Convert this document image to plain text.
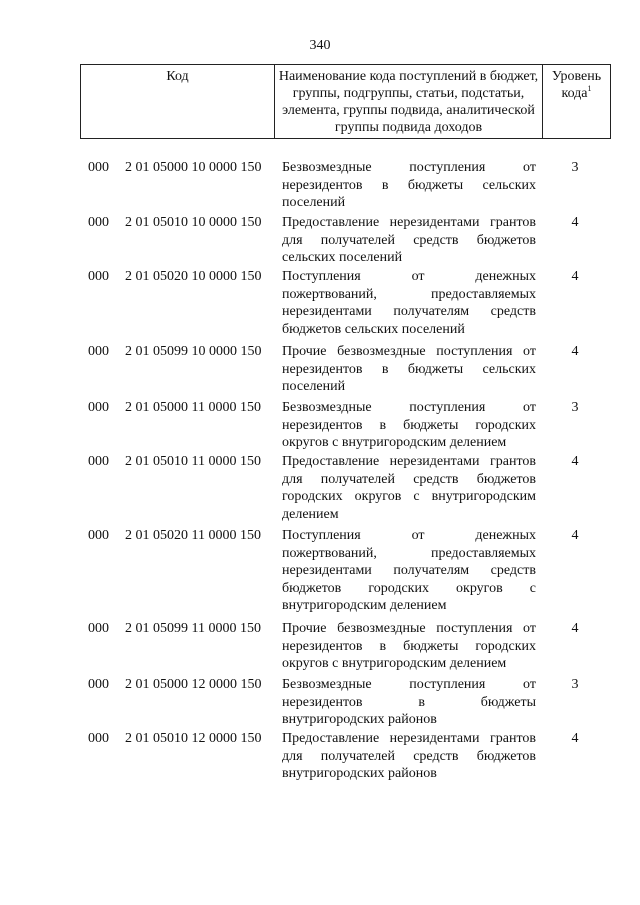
340
Код	Наименование кода поступлений в бюджет, группы, подгруппы, статьи, подстатьи, элемента, группы подвида, аналитической группы подвида доходов
Уровень кода$^1$
000 2 01 05000 10 0000 150 Безвозмездные поступления от нерезидентов в бюджеты сельских поселений
3
000 2 01 05010 10 0000 150 Предоставление нерезидентами грантов для получателей средств бюджетов сельских поселений
4
000 2 01 05020 10 0000 150 Поступления от денежных пожертвований, предоставляемых нерезидентами получателям средств бюджетов сельских поселений
4
000 2 01 05099 10 0000 150 Прочие безвозмездные поступления от нерезидентов в бюджеты сельских поселений
4
000 2 01 05000 11 0000 150 Безвозмездные поступления от нерезидентов в бюджеты городских округов с внутригородским делением
3
000 2 01 05010 11 0000 150 Предоставление нерезидентами грантов для получателей средств бюджетов городских округов с внутригородским делением
4
000 2 01 05020 11 0000 150 Поступления от денежных пожертвований, предоставляемых нерезидентами получателям средств бюджетов городских округов с внутригородским делением
4
000 2 01 05099 11 0000 150 Прочие безвозмездные поступления от нерезидентов в бюджеты городских округов с внутригородским делением
4
000 2 01 05000 12 0000 150 Безвозмездные поступления от нерезидентов в бюджеты внутригородских районов
3
000 2 01 05010 12 0000 150 Предоставление нерезидентами грантов для получателей средств бюджетов внутригородских районов
4
